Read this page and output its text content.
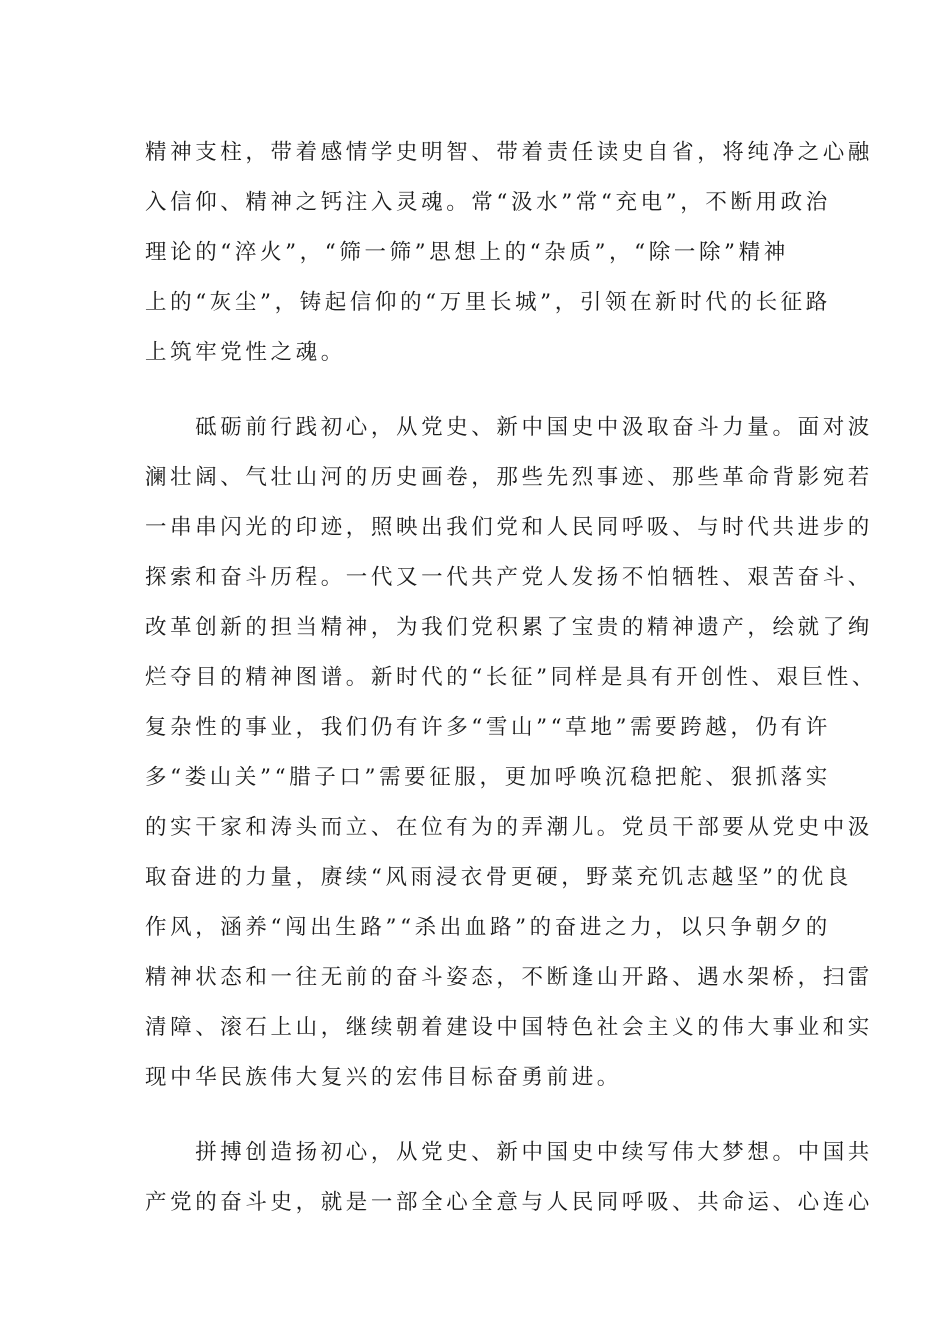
精神支柱，带着感情学史明智、带着责任读史自省，将纯净之心融
入信仰、精神之钙注入灵魂。常“汲水”常“充电”，不断用政治
理论的“淬火”，“筛一筛”思想上的“杂质”，“除一除”精神
上的“灰尘”，铸起信仰的“万里长城”，引领在新时代的长征路
上筑牢党性之魂。
　　砥砺前行践初心，从党史、新中国史中汲取奋斗力量。面对波
澜壮阔、气壮山河的历史画卷，那些先烈事迹、那些革命背影宛若
一串串闪光的印迹，照映出我们党和人民同呼吸、与时代共进步的
探索和奋斗历程。一代又一代共产党人发扬不怕牺牲、艰苦奋斗、
改革创新的担当精神，为我们党积累了宝贵的精神遗产，绘就了绚
烂夺目的精神图谱。新时代的“长征”同样是具有开创性、艰巨性、
复杂性的事业，我们仍有许多“雪山”“草地”需要跨越，仍有许
多“娄山关”“腊子口”需要征服，更加呼唤沉稳把舵、狠抓落实
的实干家和涛头而立、在位有为的弄潮儿。党员干部要从党史中汲
取奋进的力量，赓续“风雨浸衣骨更硬，野菜充饥志越坚”的优良
作风，涵养“闯出生路”“杀出血路”的奋进之力，以只争朝夕的
精神状态和一往无前的奋斗姿态，不断逢山开路、遇水架桥，扫雷
清障、滚石上山，继续朝着建设中国特色社会主义的伟大事业和实
现中华民族伟大复兴的宏伟目标奋勇前进。
　　拼搏创造扬初心，从党史、新中国史中续写伟大梦想。中国共
产党的奋斗史，就是一部全心全意与人民同呼吸、共命运、心连心
